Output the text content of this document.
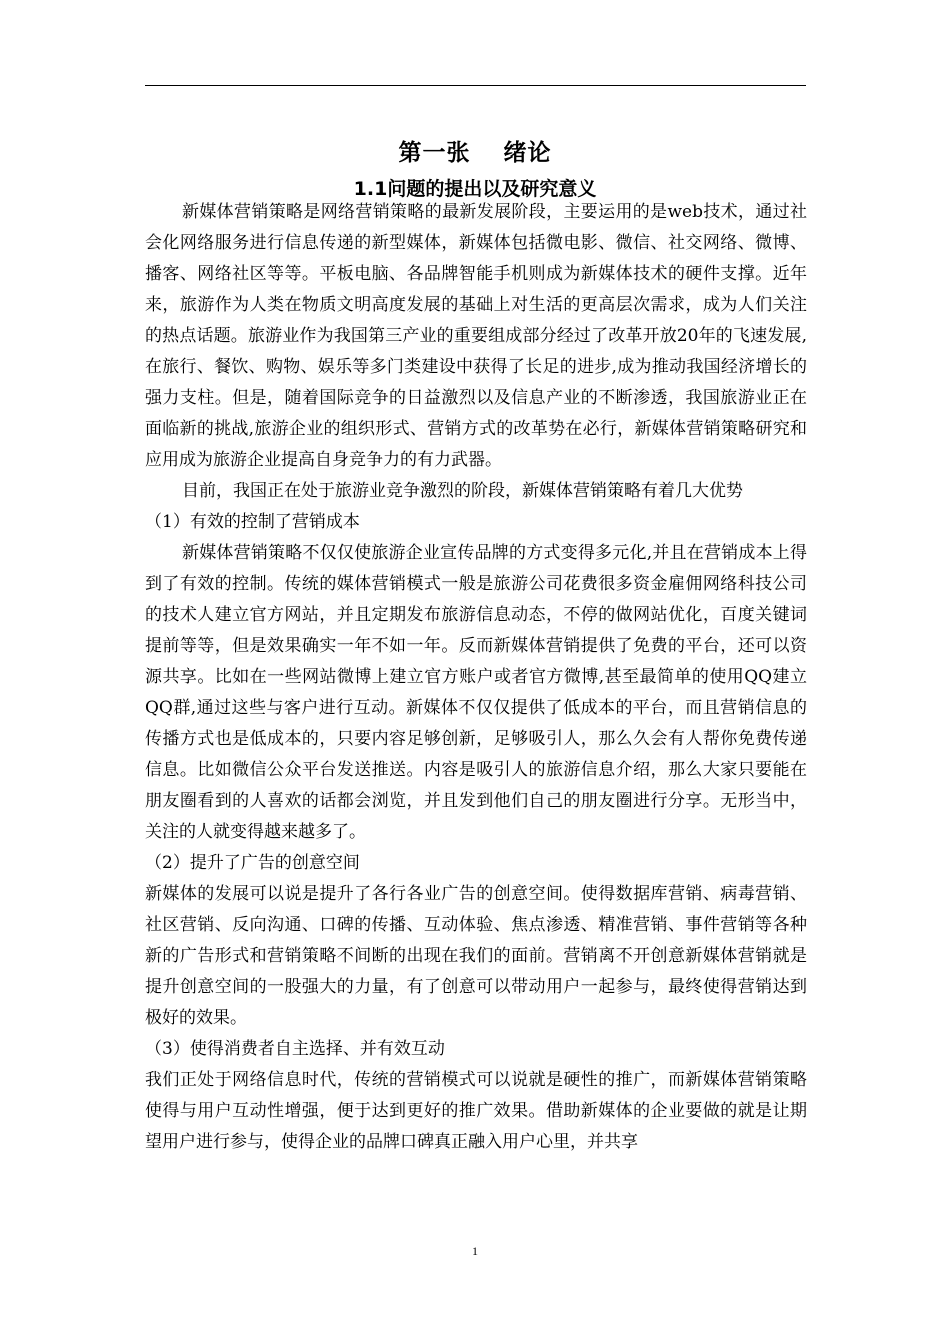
第一张　 绪论
1.1问题的提出以及研究意义

新媒体营销策略是网络营销策略的最新发展阶段，主要运用的是web技术，通过社会化网络服务进行信息传递的新型媒体，新媒体包括微电影、微信、社交网络、微博、播客、网络社区等等。平板电脑、各品牌智能手机则成为新媒体技术的硬件支撑。近年来，旅游作为人类在物质文明高度发展的基础上对生活的更高层次需求，成为人们关注的热点话题。旅游业作为我国第三产业的重要组成部分经过了改革开放20年的飞速发展,在旅行、餐饮、购物、娱乐等多门类建设中获得了长足的进步,成为推动我国经济增长的强力支柱。但是，随着国际竞争的日益激烈以及信息产业的不断渗透，我国旅游业正在面临新的挑战,旅游企业的组织形式、营销方式的改革势在必行，新媒体营销策略研究和应用成为旅游企业提高自身竞争力的有力武器。

目前，我国正在处于旅游业竞争激烈的阶段，新媒体营销策略有着几大优势

（1）有效的控制了营销成本

新媒体营销策略不仅仅使旅游企业宣传品牌的方式变得多元化,并且在营销成本上得到了有效的控制。传统的媒体营销模式一般是旅游公司花费很多资金雇佣网络科技公司的技术人建立官方网站，并且定期发布旅游信息动态，不停的做网站优化，百度关键词提前等等，但是效果确实一年不如一年。反而新媒体营销提供了免费的平台，还可以资源共享。比如在一些网站微博上建立官方账户或者官方微博,甚至最简单的使用QQ建立QQ群,通过这些与客户进行互动。新媒体不仅仅提供了低成本的平台，而且营销信息的传播方式也是低成本的，只要内容足够创新，足够吸引人，那么久会有人帮你免费传递信息。比如微信公众平台发送推送。内容是吸引人的旅游信息介绍，那么大家只要能在朋友圈看到的人喜欢的话都会浏览，并且发到他们自己的朋友圈进行分享。无形当中，关注的人就变得越来越多了。

（2）提升了广告的创意空间

新媒体的发展可以说是提升了各行各业广告的创意空间。使得数据库营销、病毒营销、社区营销、反向沟通、口碑的传播、互动体验、焦点渗透、精准营销、事件营销等各种新的广告形式和营销策略不间断的出现在我们的面前。营销离不开创意新媒体营销就是提升创意空间的一股强大的力量，有了创意可以带动用户一起参与，最终使得营销达到极好的效果。

（3）使得消费者自主选择、并有效互动

我们正处于网络信息时代，传统的营销模式可以说就是硬性的推广，而新媒体营销策略使得与用户互动性增强，便于达到更好的推广效果。借助新媒体的企业要做的就是让期望用户进行参与，使得企业的品牌口碑真正融入用户心里，并共享

1
